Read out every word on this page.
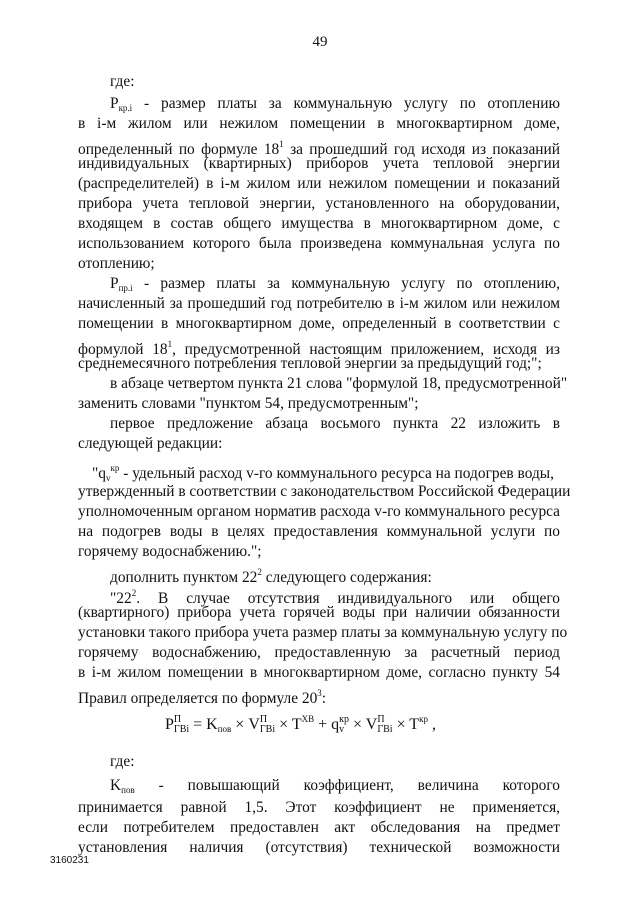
49
где:
$P_{кр.i}$ - размер платы за коммунальную услугу по отоплению
в i-м жилом или нежилом помещении в многоквартирном доме,
определенный по формуле $18^1$ за прошедший год исходя из показаний
индивидуальных (квартирных) приборов учета тепловой энергии
(распределителей) в i-м жилом или нежилом помещении и показаний
прибора учета тепловой энергии, установленного на оборудовании,
входящем в состав общего имущества в многоквартирном доме, с
использованием которого была произведена коммунальная услуга по
отоплению;
$P_{пр.i}$ - размер платы за коммунальную услугу по отоплению,
начисленный за прошедший год потребителю в i-м жилом или нежилом
помещении в многоквартирном доме, определенный в соответствии с
формулой $18^1$, предусмотренной настоящим приложением, исходя из
среднемесячного потребления тепловой энергии за предыдущий год;";
в абзаце четвертом пункта 21 слова "формулой 18, предусмотренной"
заменить словами "пунктом 54, предусмотренным";
первое предложение абзаца восьмого пункта 22 изложить в
следующей редакции:
"$q_v^{кр}$ - удельный расход v-го коммунального ресурса на подогрев воды,
утвержденный в соответствии с законодательством Российской Федерации
уполномоченным органом норматив расхода v-го коммунального ресурса
на подогрев воды в целях предоставления коммунальной услуги по
горячему водоснабжению.";
дополнить пунктом $22^2$ следующего содержания:
"$22^2$. В случае отсутствия индивидуального или общего
(квартирного) прибора учета горячей воды при наличии обязанности
установки такого прибора учета размер платы за коммунальную услугу по
горячему водоснабжению, предоставленную за расчетный период
в i-м жилом помещении в многоквартирном доме, согласно пункту 54
Правил определяется по формуле $20^3$:
P П
ГВi = $K_{пов} \times V$ П
ГВi × $T^{ХВ} + q$ кр
v × V П
ГВi × $T^{кр}$ ,
где:
$K_{пов}$ - повышающий коэффициент, величина которого
принимается равной 1,5. Этот коэффициент не применяется,
если потребителем предоставлен акт обследования на предмет
установления наличия (отсутствия) технической возможности
3160231
